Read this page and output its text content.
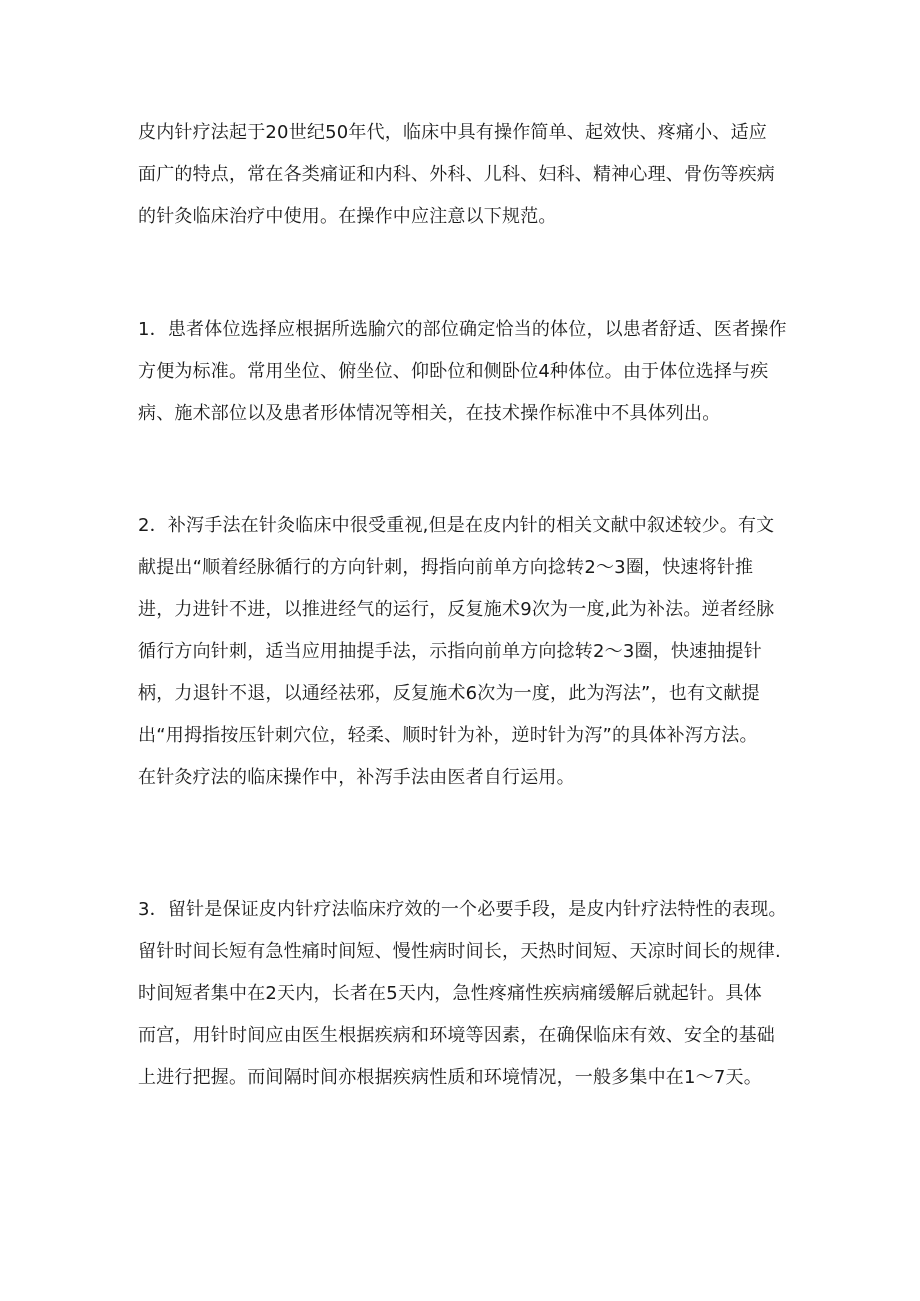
皮内针疗法起于20世纪50年代，临床中具有操作简单、起效快、疼痛小、适应
面广的特点，常在各类痛证和内科、外科、儿科、妇科、精神心理、骨伤等疾病
的针灸临床治疗中使用。在操作中应注意以下规范。
1．患者体位选择应根据所选腧穴的部位确定恰当的体位，以患者舒适、医者操作
方便为标准。常用坐位、俯坐位、仰卧位和侧卧位4种体位。由于体位选择与疾
病、施术部位以及患者形体情况等相关，在技术操作标准中不具体列出。
2．补泻手法在针灸临床中很受重视,但是在皮内针的相关文献中叙述较少。有文
献提出“顺着经脉循行的方向针刺，拇指向前单方向捻转2～3圈，快速将针推
进，力进针不进，以推进经气的运行，反复施术9次为一度,此为补法。逆者经脉
循行方向针刺，适当应用抽提手法，示指向前单方向捻转2～3圈，快速抽提针
柄，力退针不退，以通经祛邪，反复施术6次为一度，此为泻法”，也有文献提
出“用拇指按压针刺穴位，轻柔、顺时针为补，逆时针为泻”的具体补泻方法。
在针灸疗法的临床操作中，补泻手法由医者自行运用。
3．留针是保证皮内针疗法临床疗效的一个必要手段，是皮内针疗法特性的表现。
留针时间长短有急性痛时间短、慢性病时间长，天热时间短、天凉时间长的规律.
时间短者集中在2天内，长者在5天内，急性疼痛性疾病痛缓解后就起针。具体
而宫，用针时间应由医生根据疾病和环境等因素，在确保临床有效、安全的基础
上进行把握。而间隔时间亦根据疾病性质和环境情况，一般多集中在1～7天。
